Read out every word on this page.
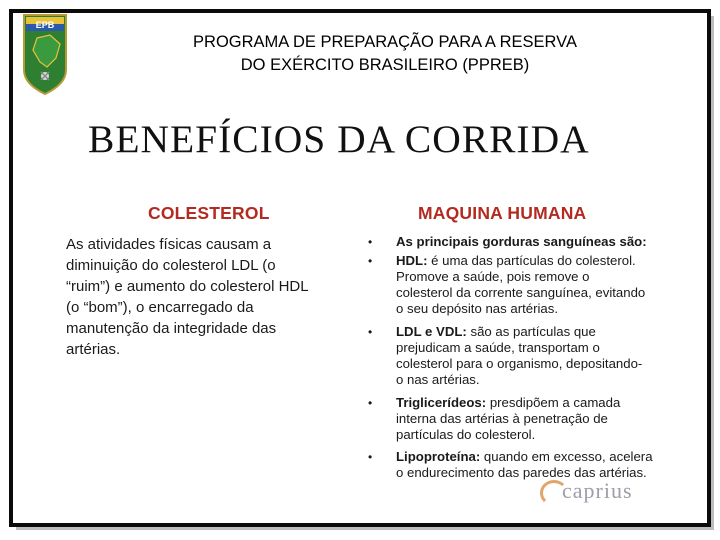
EPB
PROGRAMA DE PREPARAÇÃO PARA A RESERVA
DO EXÉRCITO BRASILEIRO (PPREB)
BENEFÍCIOS DA CORRIDA
COLESTEROL	MAQUINA HUMANA
As atividades físicas causam a
diminuição do colesterol LDL (o
“ruim”) e aumento do colesterol HDL
(o “bom”), o encarregado da
manutenção da integridade das
artérias.
• As principais gorduras sanguíneas são:
• HDL: é uma das partículas do colesterol.
Promove a saúde, pois remove o
colesterol da corrente sanguínea, evitando
o seu depósito nas artérias.
• LDL e VDL: são as partículas que
prejudicam a saúde, transportam o
colesterol para o organismo, depositando-
o nas artérias.
• Triglicerídeos: presdipõem a camada
interna das artérias à penetração de
partículas do colesterol.
• Lipoproteína: quando em excesso, acelera
o endurecimento das paredes das artérias.
caprius
